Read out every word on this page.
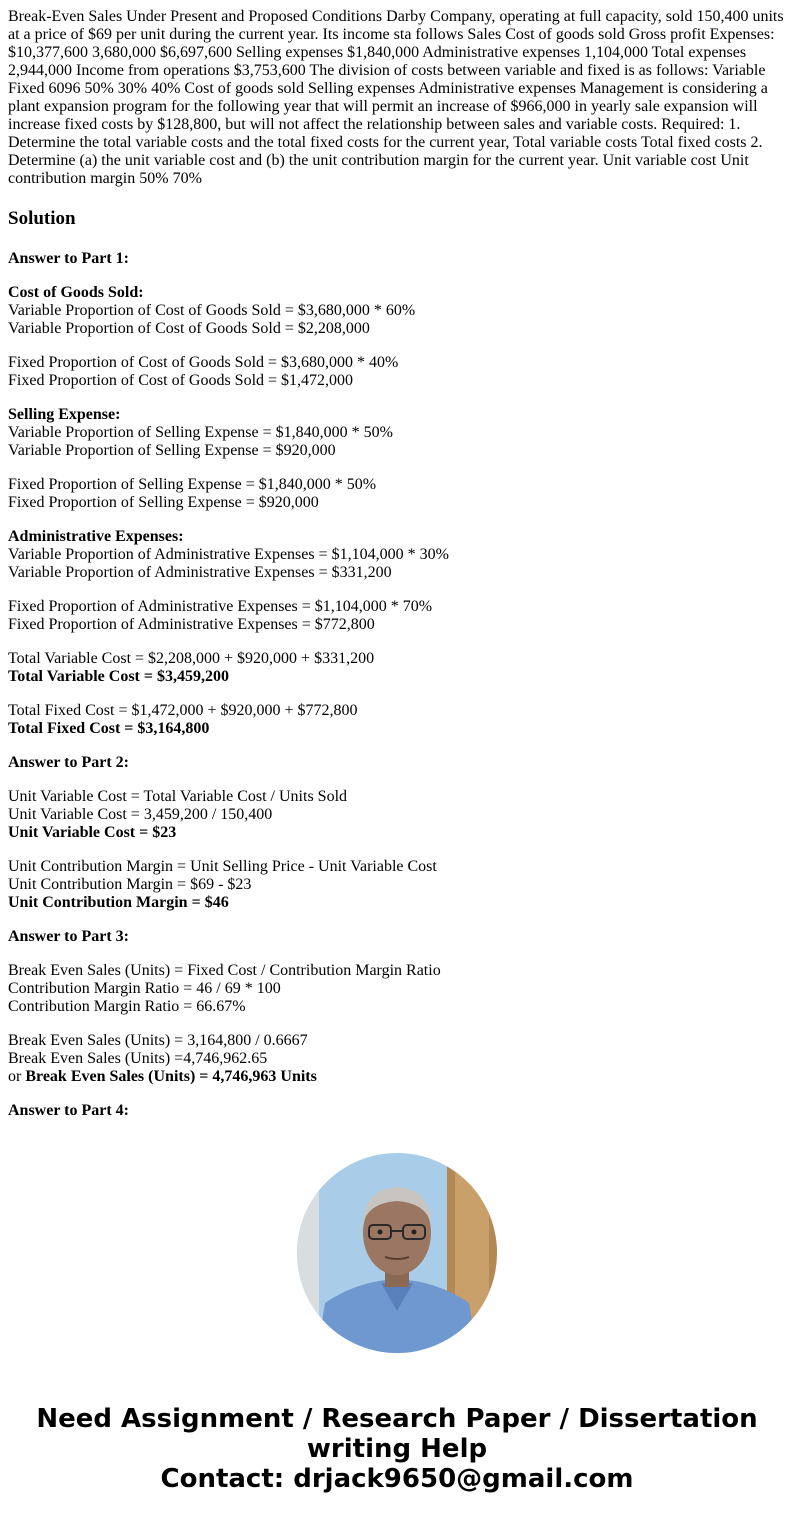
Break-Even Sales Under Present and Proposed Conditions Darby Company, operating at full capacity, sold 150,400 units at a price of $69 per unit during the current year. Its income sta follows Sales Cost of goods sold Gross profit Expenses: $10,377,600 3,680,000 $6,697,600 Selling expenses $1,840,000 Administrative expenses 1,104,000 Total expenses 2,944,000 Income from operations $3,753,600 The division of costs between variable and fixed is as follows: Variable Fixed 6096 50% 30% 40% Cost of goods sold Selling expenses Administrative expenses Management is considering a plant expansion program for the following year that will permit an increase of $966,000 in yearly sale expansion will increase fixed costs by $128,800, but will not affect the relationship between sales and variable costs. Required: 1. Determine the total variable costs and the total fixed costs for the current year, Total variable costs Total fixed costs 2. Determine (a) the unit variable cost and (b) the unit contribution margin for the current year. Unit variable cost Unit contribution margin 50% 70%
Solution
Answer to Part 1:
Cost of Goods Sold:
Variable Proportion of Cost of Goods Sold = $3,680,000 * 60%
Variable Proportion of Cost of Goods Sold = $2,208,000
Fixed Proportion of Cost of Goods Sold = $3,680,000 * 40%
Fixed Proportion of Cost of Goods Sold = $1,472,000
Selling Expense:
Variable Proportion of Selling Expense = $1,840,000 * 50%
Variable Proportion of Selling Expense = $920,000
Fixed Proportion of Selling Expense = $1,840,000 * 50%
Fixed Proportion of Selling Expense = $920,000
Administrative Expenses:
Variable Proportion of Administrative Expenses = $1,104,000 * 30%
Variable Proportion of Administrative Expenses = $331,200
Fixed Proportion of Administrative Expenses = $1,104,000 * 70%
Fixed Proportion of Administrative Expenses = $772,800
Total Variable Cost = $2,208,000 + $920,000 + $331,200
Total Variable Cost = $3,459,200
Total Fixed Cost = $1,472,000 + $920,000 + $772,800
Total Fixed Cost = $3,164,800
Answer to Part 2:
Unit Variable Cost = Total Variable Cost / Units Sold
Unit Variable Cost = 3,459,200 / 150,400
Unit Variable Cost = $23
Unit Contribution Margin = Unit Selling Price - Unit Variable Cost
Unit Contribution Margin = $69 - $23
Unit Contribution Margin = $46
Answer to Part 3:
Break Even Sales (Units) = Fixed Cost / Contribution Margin Ratio
Contribution Margin Ratio = 46 / 69 * 100
Contribution Margin Ratio = 66.67%
Break Even Sales (Units) = 3,164,800 / 0.6667
Break Even Sales (Units) =4,746,962.65
or Break Even Sales (Units) = 4,746,963 Units
Answer to Part 4:
Need Assignment / Research Paper / Dissertation
writing Help
Contact: drjack9650@gmail.com
